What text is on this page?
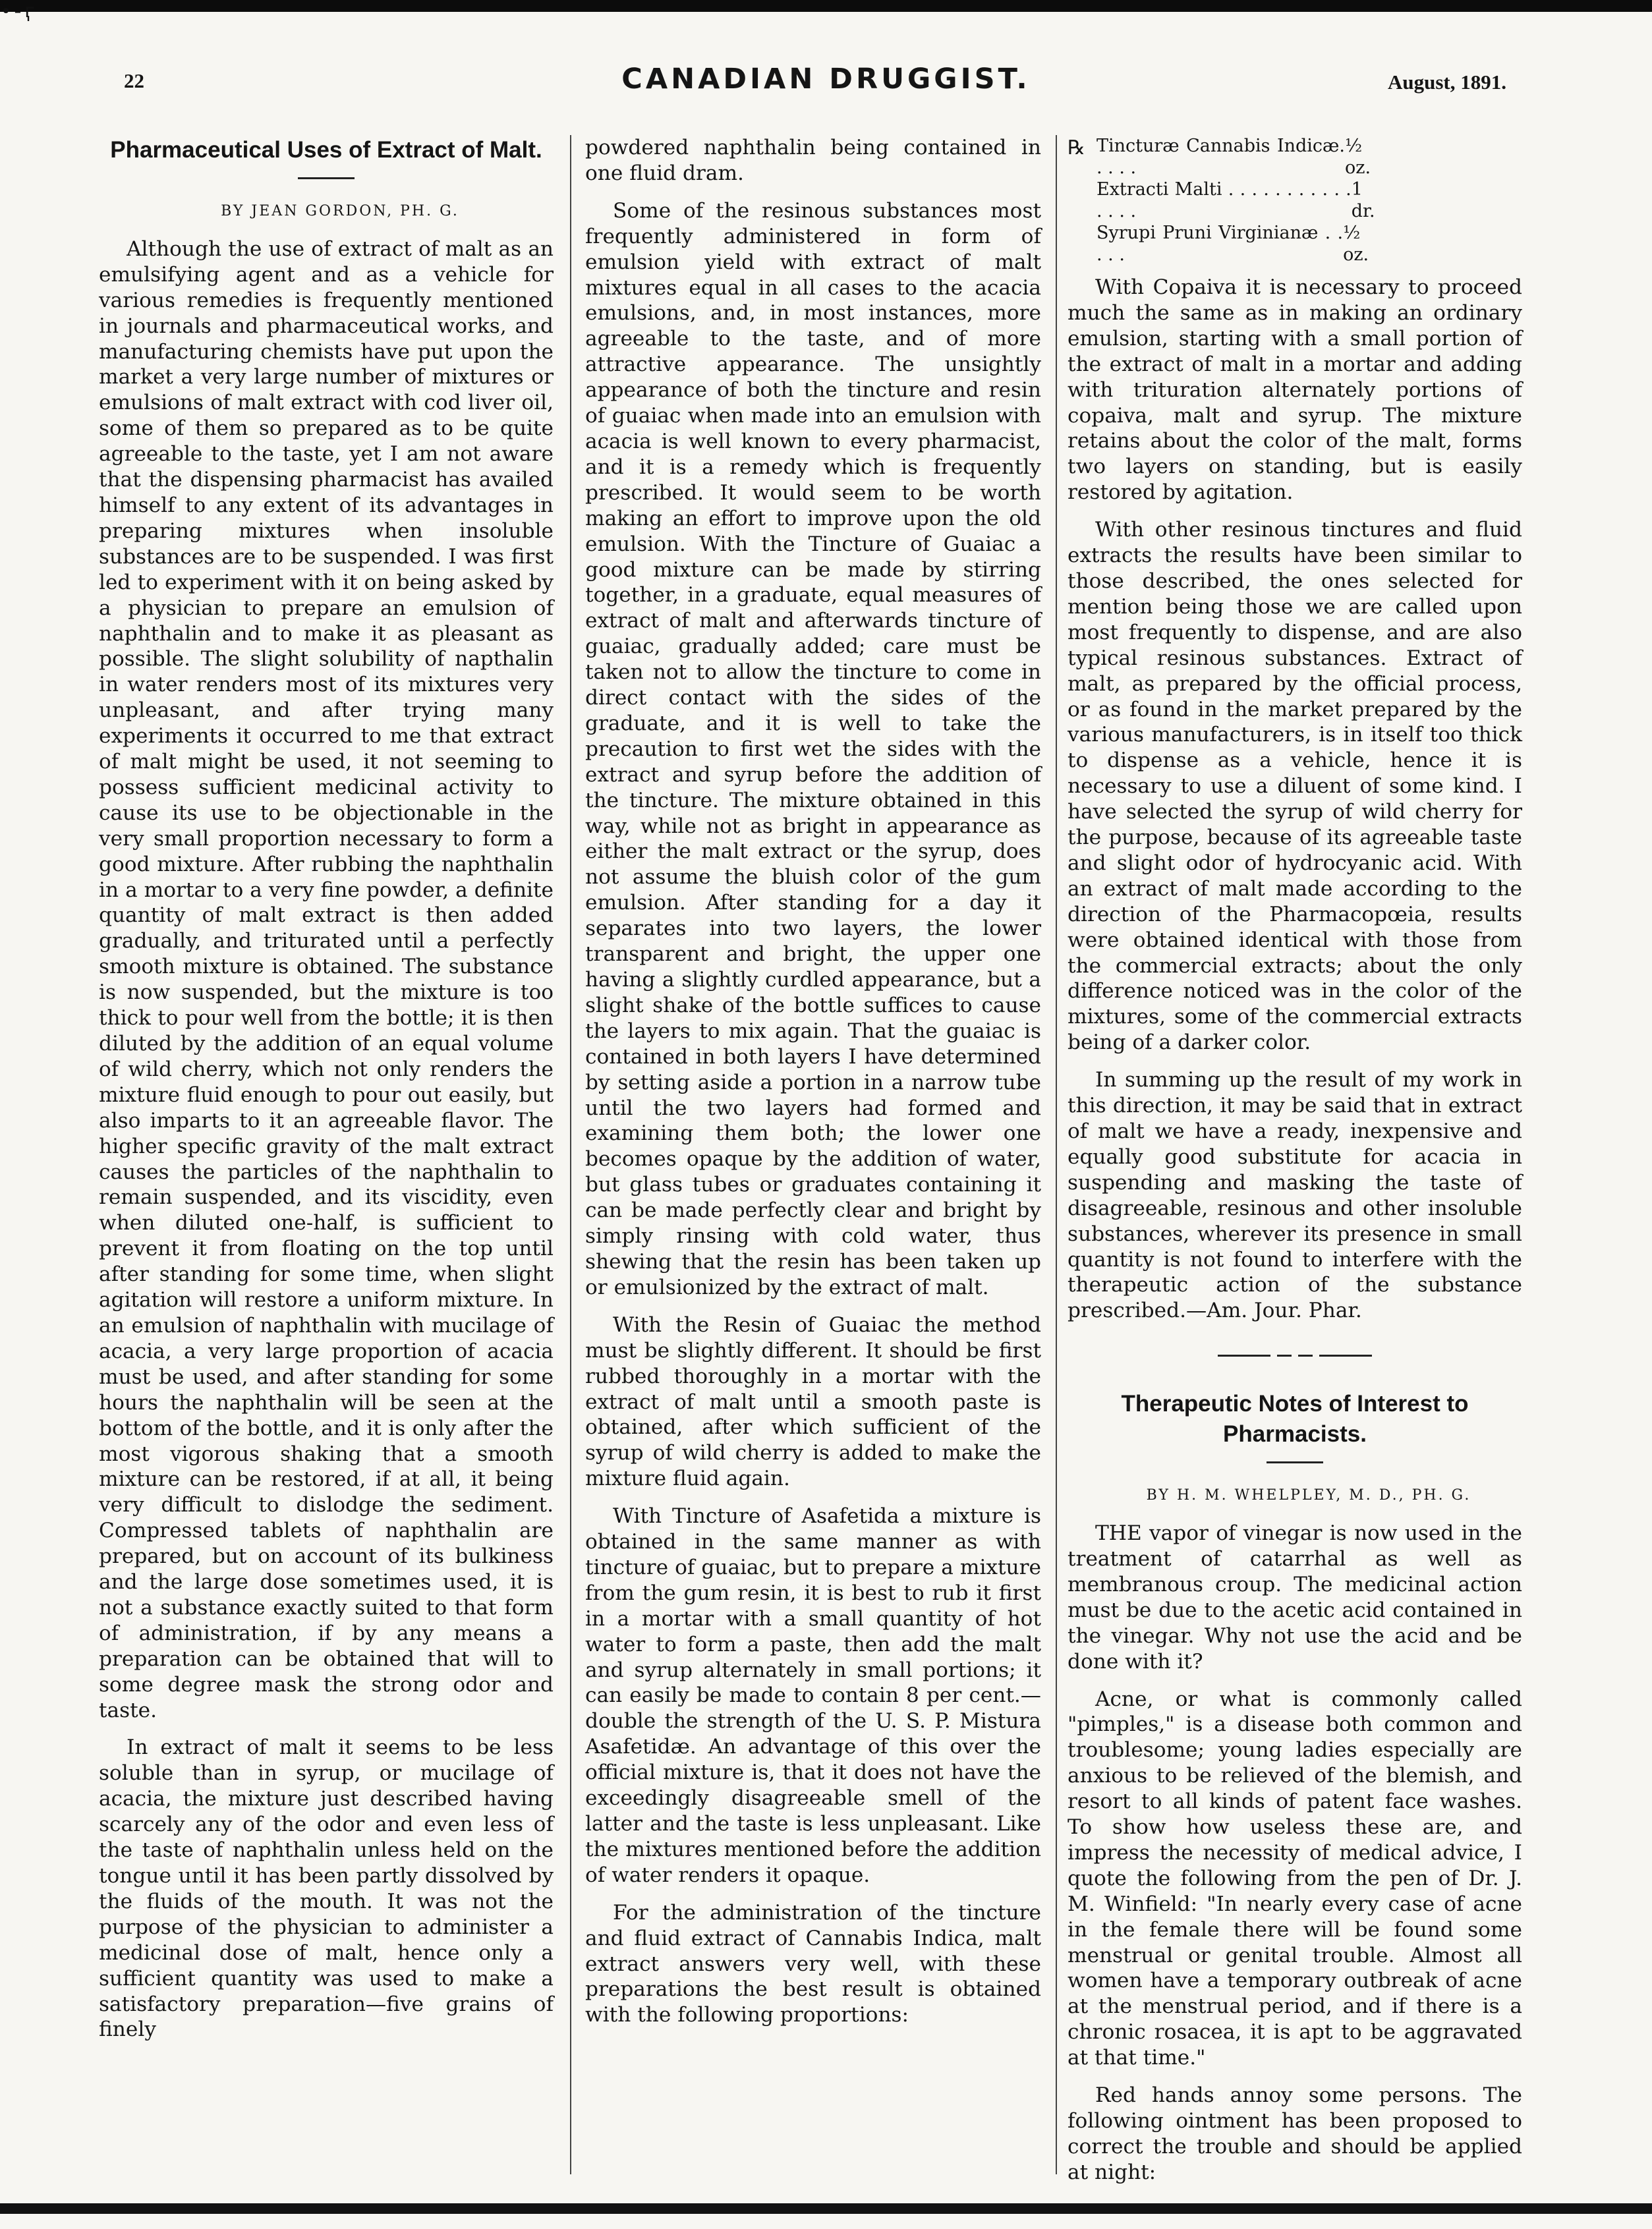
•-ӷ
22	CANADIAN DRUGGIST.	August, 1891.
Pharmaceutical Uses of Extract of Malt.

BY JEAN GORDON, PH. G.

Although the use of extract of malt as an emulsifying agent and as a vehicle for various remedies is frequently mentioned in journals and pharmaceutical works, and manufacturing chemists have put upon the market a very large number of mixtures or emulsions of malt extract with cod liver oil, some of them so prepared as to be quite agreeable to the taste, yet I am not aware that the dispensing pharmacist has availed himself to any extent of its advantages in preparing mixtures when insoluble substances are to be suspended. I was first led to experiment with it on being asked by a physician to prepare an emulsion of naphthalin and to make it as pleasant as possible. The slight solubility of napthalin in water renders most of its mixtures very unpleasant, and after trying many experiments it occurred to me that extract of malt might be used, it not seeming to possess sufficient medicinal activity to cause its use to be objectionable in the very small proportion necessary to form a good mixture. After rubbing the naphthalin in a mortar to a very fine powder, a definite quantity of malt extract is then added gradually, and triturated until a perfectly smooth mixture is obtained. The substance is now suspended, but the mixture is too thick to pour well from the bottle; it is then diluted by the addition of an equal volume of wild cherry, which not only renders the mixture fluid enough to pour out easily, but also imparts to it an agreeable flavor. The higher specific gravity of the malt extract causes the particles of the naphthalin to remain suspended, and its viscidity, even when diluted one-half, is sufficient to prevent it from floating on the top until after standing for some time, when slight agitation will restore a uniform mixture. In an emulsion of naphthalin with mucilage of acacia, a very large proportion of acacia must be used, and after standing for some hours the naphthalin will be seen at the bottom of the bottle, and it is only after the most vigorous shaking that a smooth mixture can be restored, if at all, it being very difficult to dislodge the sediment. Compressed tablets of naphthalin are prepared, but on account of its bulkiness and the large dose sometimes used, it is not a substance exactly suited to that form of administration, if by any means a preparation can be obtained that will to some degree mask the strong odor and taste.

In extract of malt it seems to be less soluble than in syrup, or mucilage of acacia, the mixture just described having scarcely any of the odor and even less of the taste of naphthalin unless held on the tongue until it has been partly dissolved by the fluids of the mouth. It was not the purpose of the physician to administer a medicinal dose of malt, hence only a sufficient quantity was used to make a satisfactory preparation—five grains of finely

powdered naphthalin being contained in one fluid dram.

Some of the resinous substances most frequently administered in form of emulsion yield with extract of malt mixtures equal in all cases to the acacia emulsions, and, in most instances, more agreeable to the taste, and of more attractive appearance. The unsightly appearance of both the tincture and resin of guaiac when made into an emulsion with acacia is well known to every pharmacist, and it is a remedy which is frequently prescribed. It would seem to be worth making an effort to improve upon the old emulsion. With the Tincture of Guaiac a good mixture can be made by stirring together, in a graduate, equal measures of extract of malt and afterwards tincture of guaiac, gradually added; care must be taken not to allow the tincture to come in direct contact with the sides of the graduate, and it is well to take the precaution to first wet the sides with the extract and syrup before the addition of the tincture. The mixture obtained in this way, while not as bright in appearance as either the malt extract or the syrup, does not assume the bluish color of the gum emulsion. After standing for a day it separates into two layers, the lower transparent and bright, the upper one having a slightly curdled appearance, but a slight shake of the bottle suffices to cause the layers to mix again. That the guaiac is contained in both layers I have determined by setting aside a portion in a narrow tube until the two layers had formed and examining them both; the lower one becomes opaque by the addition of water, but glass tubes or graduates containing it can be made perfectly clear and bright by simply rinsing with cold water, thus shewing that the resin has been taken up or emulsionized by the extract of malt.

With the Resin of Guaiac the method must be slightly different. It should be first rubbed thoroughly in a mortar with the extract of malt until a smooth paste is obtained, after which sufficient of the syrup of wild cherry is added to make the mixture fluid again.

With Tincture of Asafetida a mixture is obtained in the same manner as with tincture of guaiac, but to prepare a mixture from the gum resin, it is best to rub it first in a mortar with a small quantity of hot water to form a paste, then add the malt and syrup alternately in small portions; it can easily be made to contain 8 per cent.—double the strength of the U. S. P. Mistura Asafetidæ. An advantage of this over the official mixture is, that it does not have the exceedingly disagreeable smell of the latter and the taste is less unpleasant. Like the mixtures mentioned before the addition of water renders it opaque.

For the administration of the tincture and fluid extract of Cannabis Indica, malt extract answers very well, with these preparations the best result is obtained with the following proportions:

℞ Tincturæ Cannabis Indicæ. . . . .
½ oz.
Extracti Malti . . . . . . . . . . . . . . .
1 dr.
Syrupi Pruni Virginianæ . . . . .
½ oz.

With Copaiva it is necessary to proceed much the same as in making an ordinary emulsion, starting with a small portion of the extract of malt in a mortar and adding with trituration alternately portions of copaiva, malt and syrup. The mixture retains about the color of the malt, forms two layers on standing, but is easily restored by agitation.

With other resinous tinctures and fluid extracts the results have been similar to those described, the ones selected for mention being those we are called upon most frequently to dispense, and are also typical resinous substances. Extract of malt, as prepared by the official process, or as found in the market prepared by the various manufacturers, is in itself too thick to dispense as a vehicle, hence it is necessary to use a diluent of some kind. I have selected the syrup of wild cherry for the purpose, because of its agreeable taste and slight odor of hydrocyanic acid. With an extract of malt made according to the direction of the Pharmacopœia, results were obtained identical with those from the commercial extracts; about the only difference noticed was in the color of the mixtures, some of the commercial extracts being of a darker color.

In summing up the result of my work in this direction, it may be said that in extract of malt we have a ready, inexpensive and equally good substitute for acacia in suspending and masking the taste of disagreeable, resinous and other insoluble substances, wherever its presence in small quantity is not found to interfere with the therapeutic action of the substance prescribed.—Am. Jour. Phar.

Therapeutic Notes of Interest to Pharmacists.

BY H. M. WHELPLEY, M. D., PH. G.

THE vapor of vinegar is now used in the treatment of catarrhal as well as membranous croup. The medicinal action must be due to the acetic acid contained in the vinegar. Why not use the acid and be done with it?

Acne, or what is commonly called "pimples," is a disease both common and troublesome; young ladies especially are anxious to be relieved of the blemish, and resort to all kinds of patent face washes. To show how useless these are, and impress the necessity of medical advice, I quote the following from the pen of Dr. J. M. Winfield: "In nearly every case of acne in the female there will be found some menstrual or genital trouble. Almost all women have a temporary outbreak of acne at the menstrual period, and if there is a chronic rosacea, it is apt to be aggravated at that time."

Red hands annoy some persons. The following ointment has been proposed to correct the trouble and should be applied at night:
